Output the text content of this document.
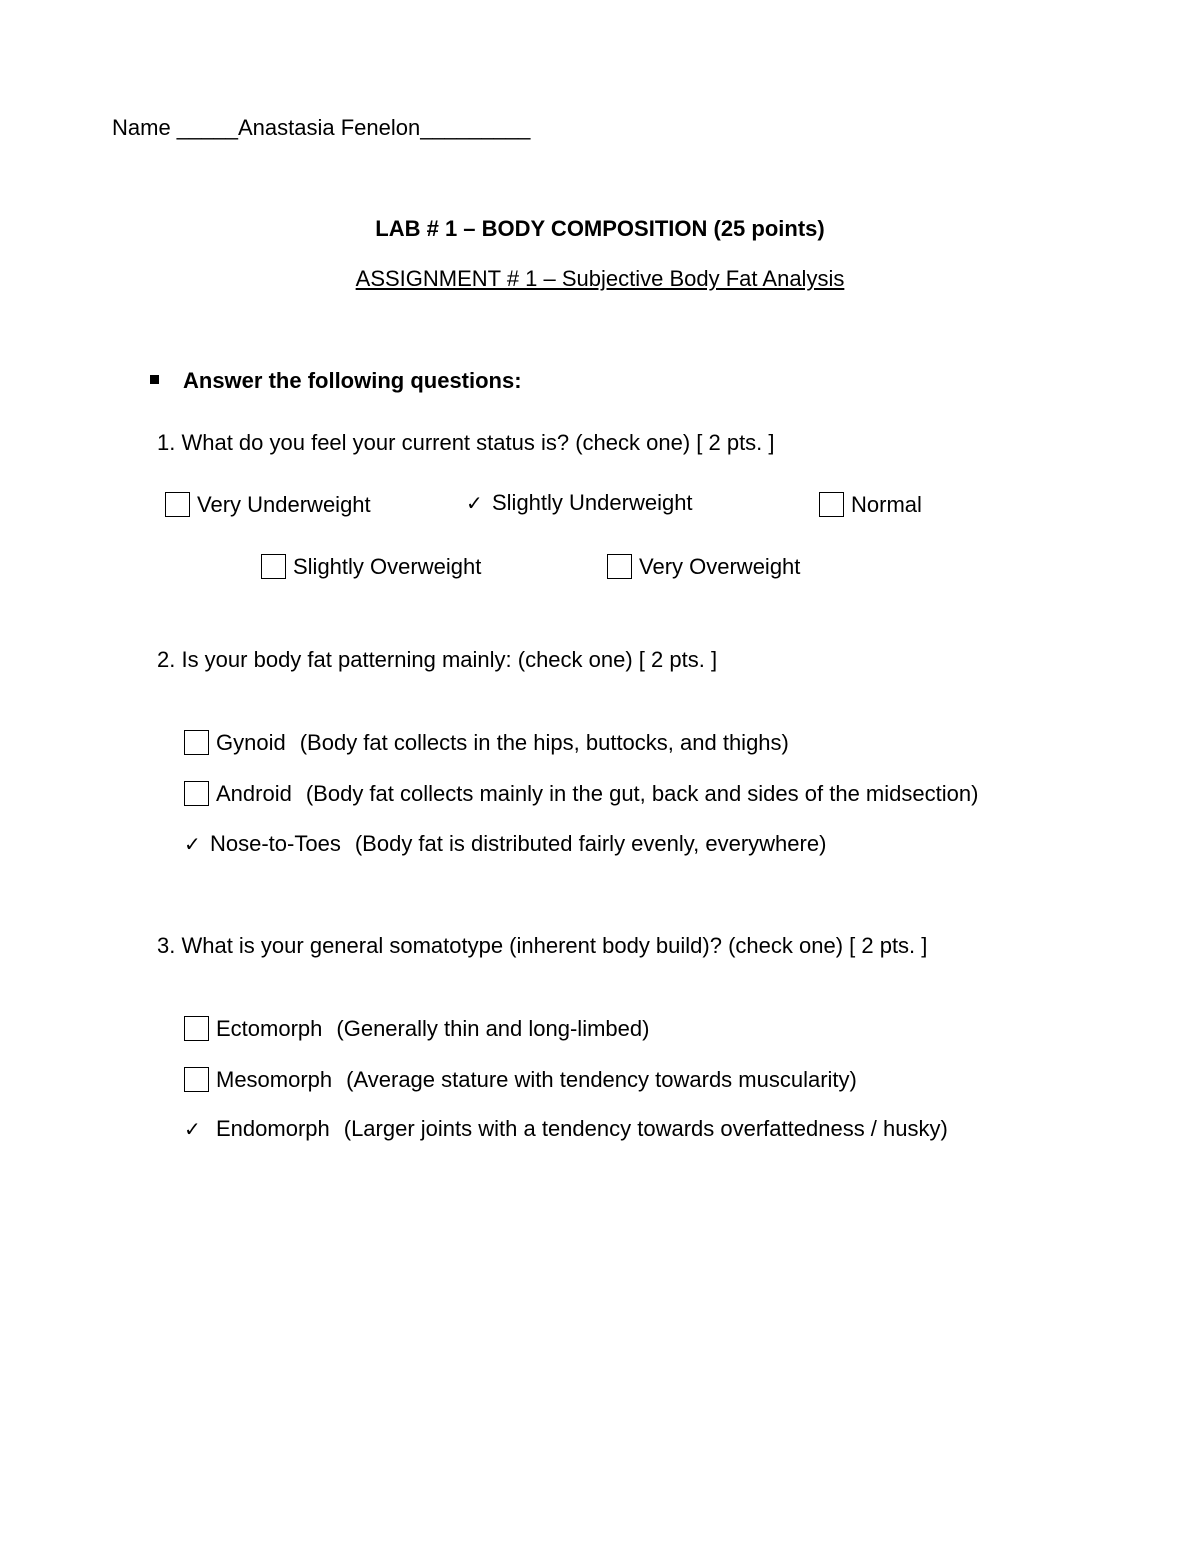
Name _____Anastasia Fenelon_________
LAB # 1 – BODY COMPOSITION (25 points)
ASSIGNMENT # 1 – Subjective Body Fat Analysis
Answer the following questions:
1. What do you feel your current status is? (check one) [ 2 pts. ]
Very Underweight	✓ Slightly Underweight	Normal
Slightly Overweight	Very Overweight
2. Is your body fat patterning mainly: (check one) [ 2 pts. ]
Gynoid (Body fat collects in the hips, buttocks, and thighs)
Android (Body fat collects mainly in the gut, back and sides of the midsection)
✓ Nose-to-Toes (Body fat is distributed fairly evenly, everywhere)
3. What is your general somatotype (inherent body build)? (check one) [ 2 pts. ]
Ectomorph (Generally thin and long-limbed)
Mesomorph (Average stature with tendency towards muscularity)
✓ Endomorph (Larger joints with a tendency towards overfattedness / husky)
